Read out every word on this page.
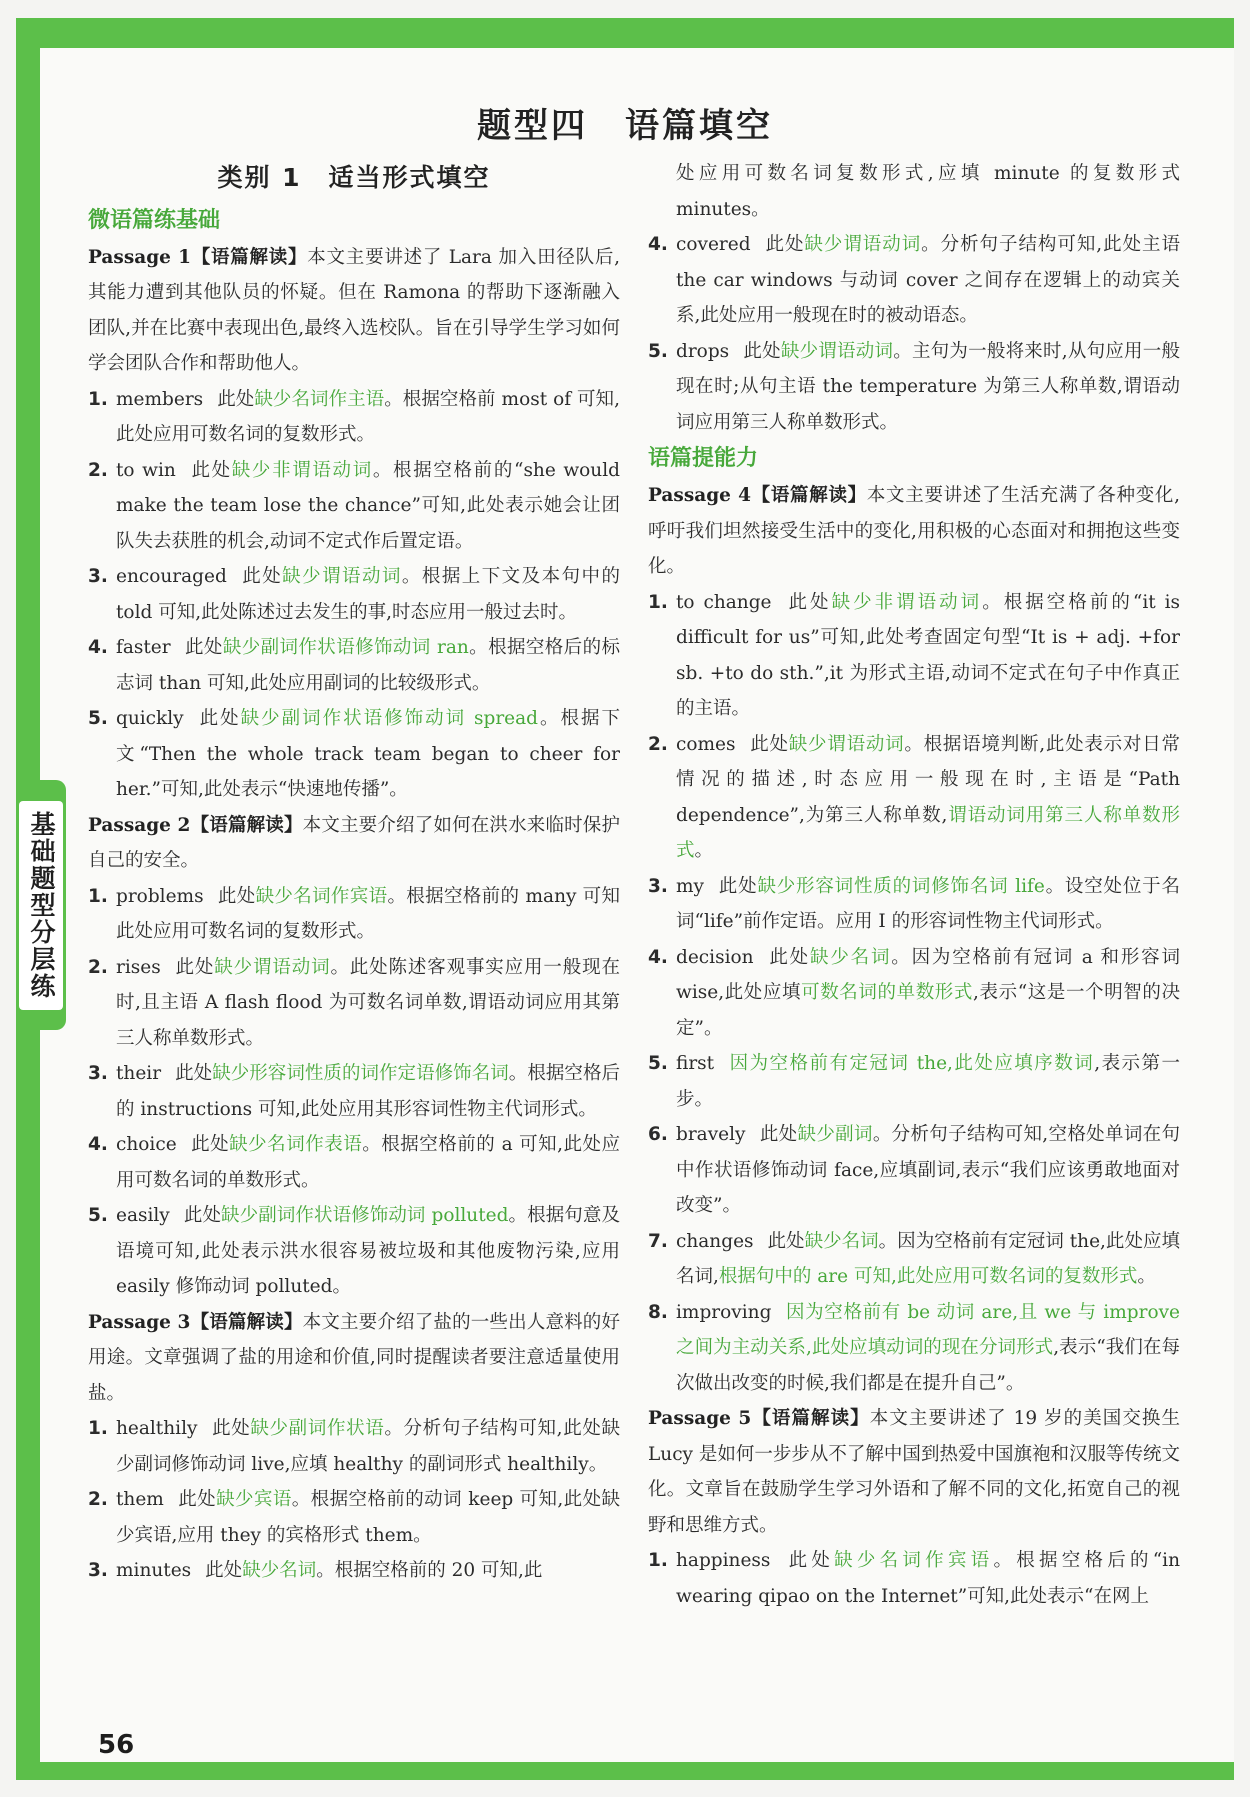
基础题型分层练
题型四　语篇填空
类别 1　适当形式填空
微语篇练基础
Passage 1【语篇解读】本文主要讲述了 Lara 加入田径队后,其能力遭到其他队员的怀疑。但在 Ramona 的帮助下逐渐融入团队,并在比赛中表现出色,最终入选校队。旨在引导学生学习如何学会团队合作和帮助他人。
1. members 此处缺少名词作主语。根据空格前 most of 可知,此处应用可数名词的复数形式。
2. to win 此处缺少非谓语动词。根据空格前的“she would make the team lose the chance”可知,此处表示她会让团队失去获胜的机会,动词不定式作后置定语。
3. encouraged 此处缺少谓语动词。根据上下文及本句中的 told 可知,此处陈述过去发生的事,时态应用一般过去时。
4. faster 此处缺少副词作状语修饰动词 ran。根据空格后的标志词 than 可知,此处应用副词的比较级形式。
5. quickly 此处缺少副词作状语修饰动词 spread。根据下文“Then the whole track team began to cheer for her.”可知,此处表示“快速地传播”。
Passage 2【语篇解读】本文主要介绍了如何在洪水来临时保护自己的安全。
1. problems 此处缺少名词作宾语。根据空格前的 many 可知此处应用可数名词的复数形式。
2. rises 此处缺少谓语动词。此处陈述客观事实应用一般现在时,且主语 A flash flood 为可数名词单数,谓语动词应用其第三人称单数形式。
3. their 此处缺少形容词性质的词作定语修饰名词。根据空格后的 instructions 可知,此处应用其形容词性物主代词形式。
4. choice 此处缺少名词作表语。根据空格前的 a 可知,此处应用可数名词的单数形式。
5. easily 此处缺少副词作状语修饰动词 polluted。根据句意及语境可知,此处表示洪水很容易被垃圾和其他废物污染,应用 easily 修饰动词 polluted。
Passage 3【语篇解读】本文主要介绍了盐的一些出人意料的好用途。文章强调了盐的用途和价值,同时提醒读者要注意适量使用盐。
1. healthily 此处缺少副词作状语。分析句子结构可知,此处缺少副词修饰动词 live,应填 healthy 的副词形式 healthily。
2. them 此处缺少宾语。根据空格前的动词 keep 可知,此处缺少宾语,应用 they 的宾格形式 them。
3. minutes 此处缺少名词。根据空格前的 20 可知,此
处应用可数名词复数形式,应填 minute 的复数形式 minutes。
4. covered 此处缺少谓语动词。分析句子结构可知,此处主语 the car windows 与动词 cover 之间存在逻辑上的动宾关系,此处应用一般现在时的被动语态。
5. drops 此处缺少谓语动词。主句为一般将来时,从句应用一般现在时;从句主语 the temperature 为第三人称单数,谓语动词应用第三人称单数形式。
语篇提能力
Passage 4【语篇解读】本文主要讲述了生活充满了各种变化,呼吁我们坦然接受生活中的变化,用积极的心态面对和拥抱这些变化。
1. to change 此处缺少非谓语动词。根据空格前的“it is difficult for us”可知,此处考查固定句型“It is + adj. +for sb. +to do sth.”,it 为形式主语,动词不定式在句子中作真正的主语。
2. comes 此处缺少谓语动词。根据语境判断,此处表示对日常情况的描述,时态应用一般现在时,主语是“Path dependence”,为第三人称单数,谓语动词用第三人称单数形式。
3. my 此处缺少形容词性质的词修饰名词 life。设空处位于名词“life”前作定语。应用 I 的形容词性物主代词形式。
4. decision 此处缺少名词。因为空格前有冠词 a 和形容词 wise,此处应填可数名词的单数形式,表示“这是一个明智的决定”。
5. first 因为空格前有定冠词 the,此处应填序数词,表示第一步。
6. bravely 此处缺少副词。分析句子结构可知,空格处单词在句中作状语修饰动词 face,应填副词,表示“我们应该勇敢地面对改变”。
7. changes 此处缺少名词。因为空格前有定冠词 the,此处应填名词,根据句中的 are 可知,此处应用可数名词的复数形式。
8. improving 因为空格前有 be 动词 are,且 we 与 improve 之间为主动关系,此处应填动词的现在分词形式,表示“我们在每次做出改变的时候,我们都是在提升自己”。
Passage 5【语篇解读】本文主要讲述了 19 岁的美国交换生 Lucy 是如何一步步从不了解中国到热爱中国旗袍和汉服等传统文化。文章旨在鼓励学生学习外语和了解不同的文化,拓宽自己的视野和思维方式。
1. happiness 此处缺少名词作宾语。根据空格后的“in wearing qipao on the Internet”可知,此处表示“在网上
56
